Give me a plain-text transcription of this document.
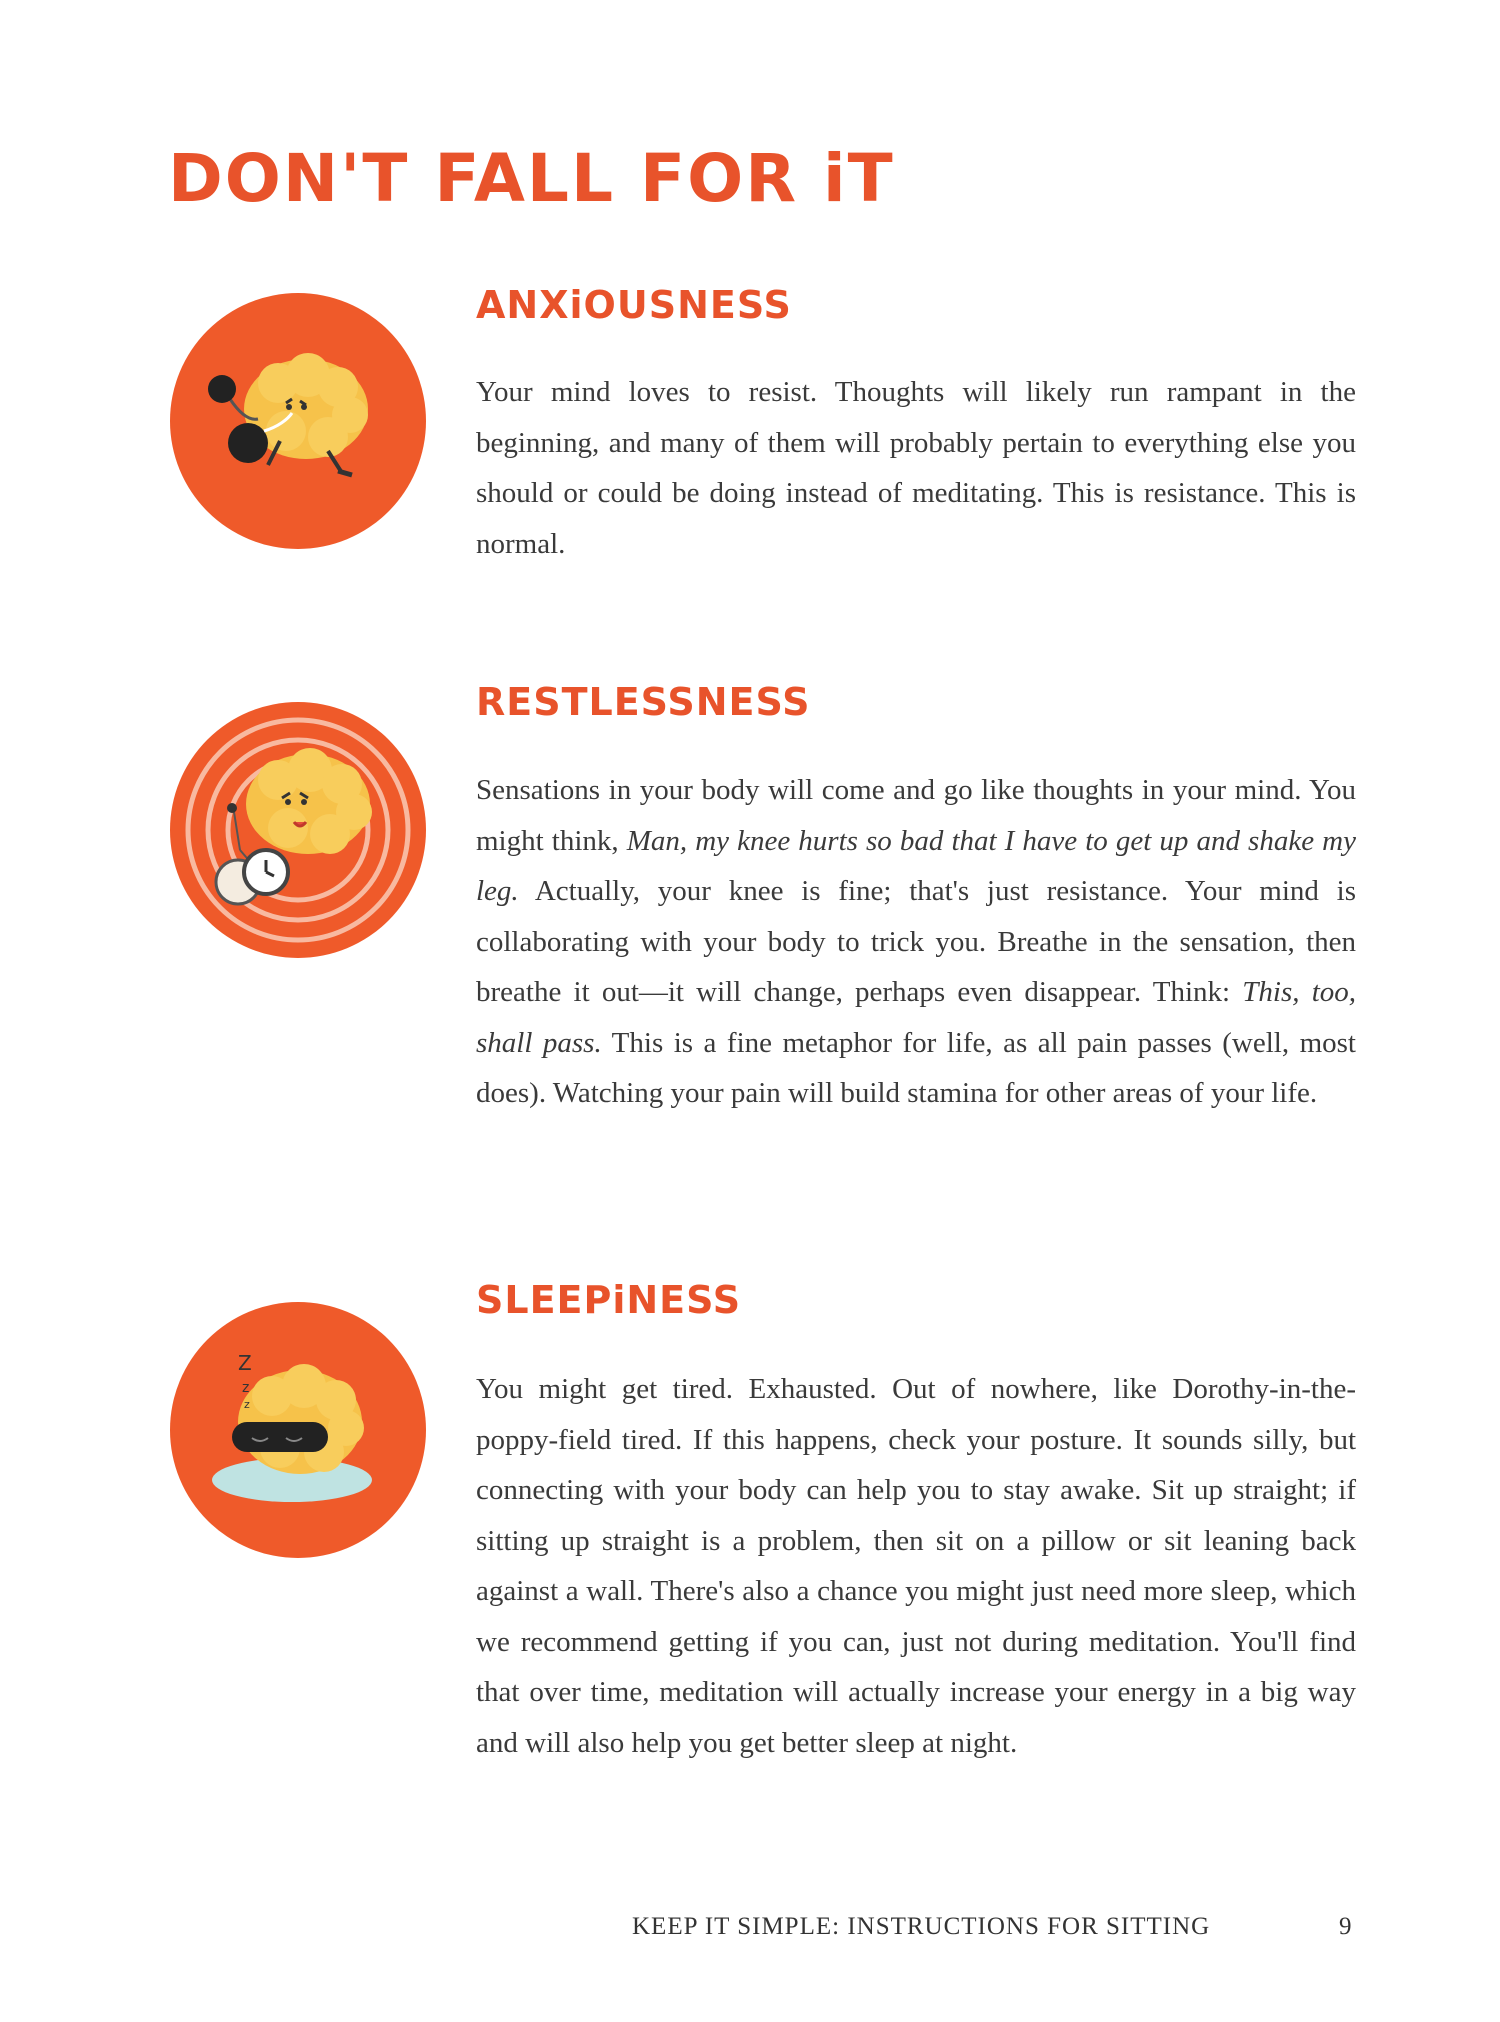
DON'T FALL FOR iT
ANXiOUSNESS

Your mind loves to resist. Thoughts will likely run rampant in the beginning, and many of them will probably pertain to everything else you should or could be doing instead of meditating. This is resistance. This is normal.

RESTLESSNESS

Sensations in your body will come and go like thoughts in your mind. You might think, Man, my knee hurts so bad that I have to get up and shake my leg. Actually, your knee is fine; that's just resistance. Your mind is collaborating with your body to trick you. Breathe in the sensation, then breathe it out—it will change, perhaps even disappear. Think: This, too, shall pass. This is a fine metaphor for life, as all pain passes (well, most does). Watching your pain will build stamina for other areas of your life.

Z
z
z
SLEEPiNESS

You might get tired. Exhausted. Out of nowhere, like Dorothy-in-the-poppy-field tired. If this happens, check your posture. It sounds silly, but connecting with your body can help you to stay awake. Sit up straight; if sitting up straight is a problem, then sit on a pillow or sit leaning back against a wall. There's also a chance you might just need more sleep, which we recommend getting if you can, just not during meditation. You'll find that over time, meditation will actually increase your energy in a big way and will also help you get better sleep at night.

KEEP IT SIMPLE: INSTRUCTIONS FOR SITTING	9
